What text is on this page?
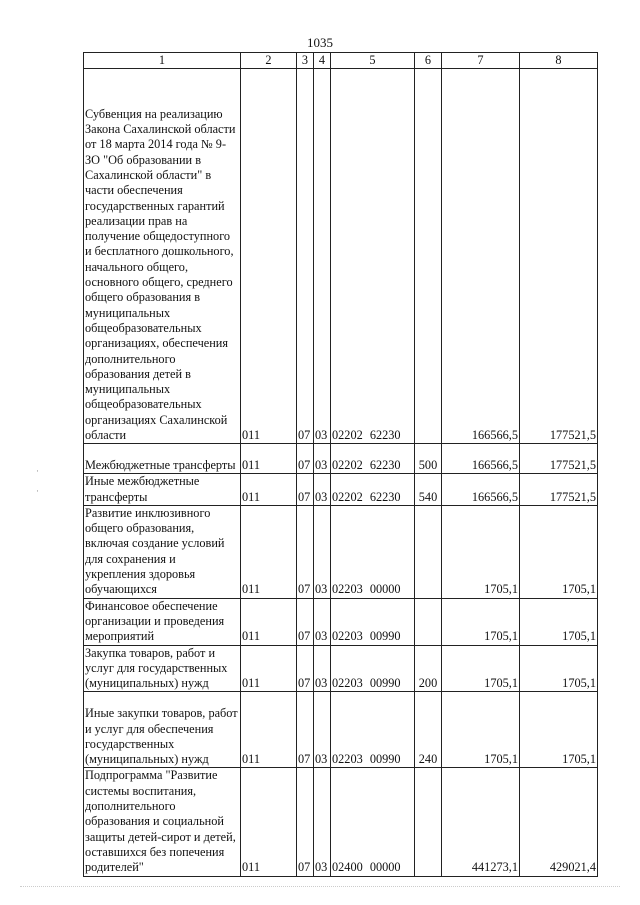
1035
1	2	3	4	5	6	7	8
Субвенция на реализацию Закона Сахалинской области от 18 марта 2014 года № 9-ЗО "Об образовании в Сахалинской области" в части обеспечения государственных гарантий реализации прав на получение общедоступного и бесплатного дошкольного, начального общего, основного общего, среднего общего образования в муниципальных общеобразовательных организациях, обеспечения дополнительного образования детей в муниципальных общеобразовательных организациях Сахалинской области	011	07	03	02202 62230		166566,5	177521,5
Межбюджетные трансферты	011	07	03	02202 62230	500	166566,5	177521,5
Иные межбюджетные трансферты	011	07	03	02202 62230	540	166566,5	177521,5
Развитие инклюзивного общего образования, включая создание условий для сохранения и укрепления здоровья обучающихся	011	07	03	02203 00000		1705,1	1705,1
Финансовое обеспечение организации и проведения мероприятий	011	07	03	02203 00990		1705,1	1705,1
Закупка товаров, работ и услуг для государственных (муниципальных) нужд	011	07	03	02203 00990	200	1705,1	1705,1
Иные закупки товаров, работ и услуг для обеспечения государственных (муниципальных) нужд	011	07	03	02203 00990	240	1705,1	1705,1
Подпрограмма "Развитие системы воспитания, дополнительного образования и социальной защиты детей-сирот и детей, оставшихся без попечения родителей"	011	07	03	02400 00000		441273,1	429021,4
·
·
